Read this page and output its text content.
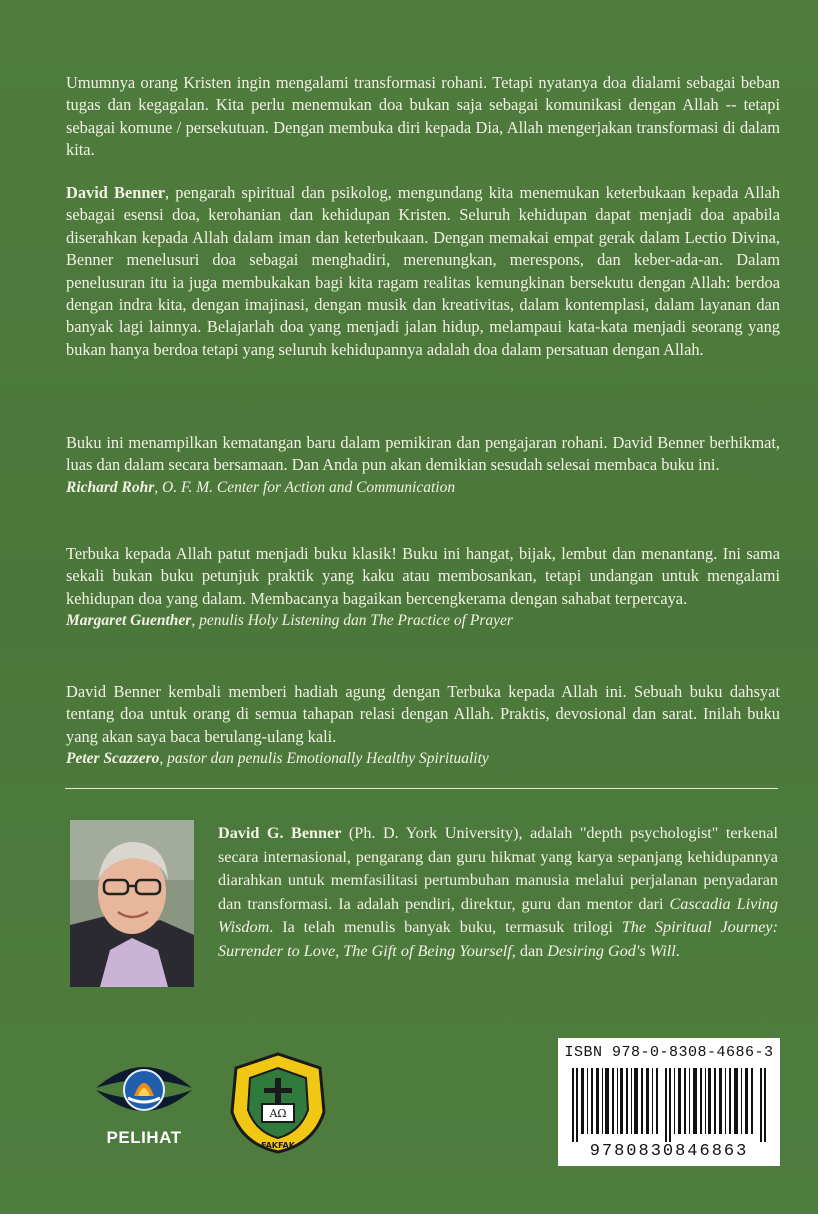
Umumnya orang Kristen ingin mengalami transformasi rohani. Tetapi nyatanya doa dialami sebagai beban tugas dan kegagalan. Kita perlu menemukan doa bukan saja sebagai komunikasi dengan Allah -- tetapi sebagai komune / persekutuan. Dengan membuka diri kepada Dia, Allah mengerjakan transformasi di dalam kita.

David Benner, pengarah spiritual dan psikolog, mengundang kita menemukan keterbukaan kepada Allah sebagai esensi doa, kerohanian dan kehidupan Kristen. Seluruh kehidupan dapat menjadi doa apabila diserahkan kepada Allah dalam iman dan keterbukaan. Dengan memakai empat gerak dalam Lectio Divina, Benner menelusuri doa sebagai menghadiri, merenungkan, merespons, dan keber-ada-an. Dalam penelusuran itu ia juga membukakan bagi kita ragam realitas kemungkinan bersekutu dengan Allah: berdoa dengan indra kita, dengan imajinasi, dengan musik dan kreativitas, dalam kontemplasi, dalam layanan dan banyak lagi lainnya. Belajarlah doa yang menjadi jalan hidup, melampaui kata-kata menjadi seorang yang bukan hanya berdoa tetapi yang seluruh kehidupannya adalah doa dalam persatuan dengan Allah.

Buku ini menampilkan kematangan baru dalam pemikiran dan pengajaran rohani. David Benner berhikmat, luas dan dalam secara bersamaan. Dan Anda pun akan demikian sesudah selesai membaca buku ini.

Richard Rohr, O. F. M. Center for Action and Communication

Terbuka kepada Allah patut menjadi buku klasik! Buku ini hangat, bijak, lembut dan menantang. Ini sama sekali bukan buku petunjuk praktik yang kaku atau membosankan, tetapi undangan untuk mengalami kehidupan doa yang dalam. Membacanya bagaikan bercengkerama dengan sahabat terpercaya.

Margaret Guenther, penulis Holy Listening dan The Practice of Prayer

David Benner kembali memberi hadiah agung dengan Terbuka kepada Allah ini. Sebuah buku dahsyat tentang doa untuk orang di semua tahapan relasi dengan Allah. Praktis, devosional dan sarat. Inilah buku yang akan saya baca berulang-ulang kali.

Peter Scazzero, pastor dan penulis Emotionally Healthy Spirituality

David G. Benner (Ph. D. York University), adalah "depth psychologist" terkenal secara internasional, pengarang dan guru hikmat yang karya sepanjang kehidupannya diarahkan untuk memfasilitasi pertumbuhan manusia melalui perjalanan penyadaran dan transformasi. Ia adalah pendiri, direktur, guru dan mentor dari Cascadia Living Wisdom. Ia telah menulis banyak buku, termasuk trilogi The Spiritual Journey: Surrender to Love, The Gift of Being Yourself, dan Desiring God's Will.
PELIHAT
AΩ
FAKFAK
ISBN 978-0-8308-4686-3
9780830846863
